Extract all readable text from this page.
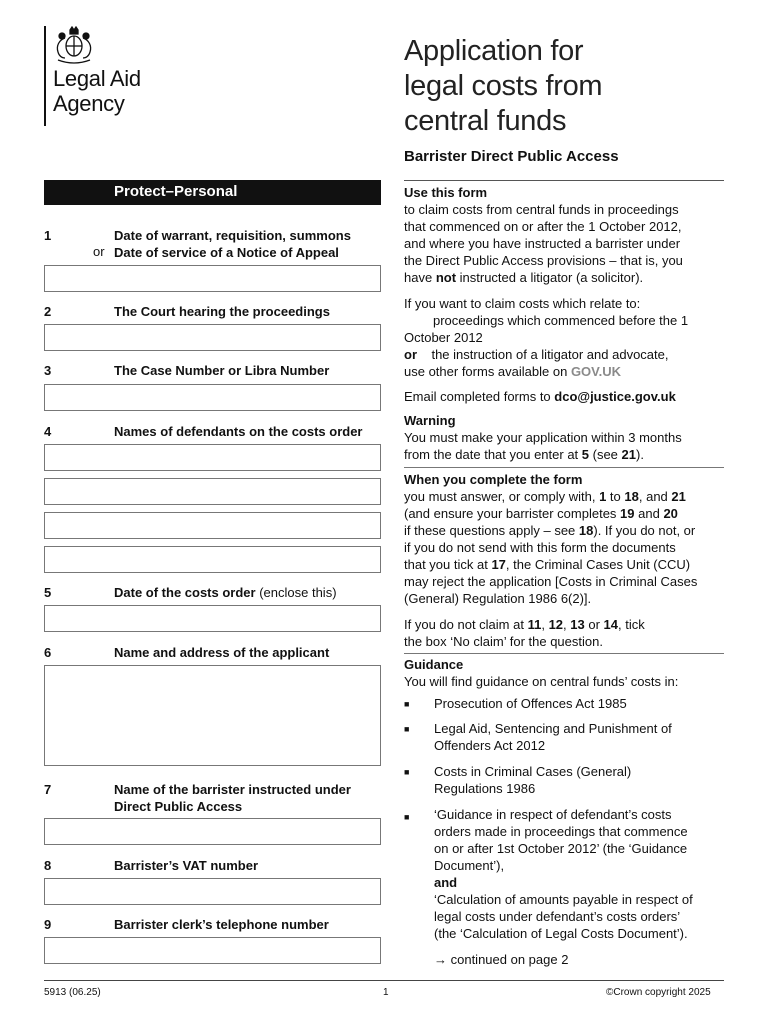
Legal Aid
Agency
Application for
legal costs from
central funds
Barrister Direct Public Access
Protect–Personal
1	Date of warrant, requisition, summons
or Date of service of a Notice of Appeal
2	The Court hearing the proceedings
3	The Case Number or Libra Number
4	Names of defendants on the costs order
5	Date of the costs order (enclose this)
6	Name and address of the applicant
7	Name of the barrister instructed under
Direct Public Access
8	Barrister’s VAT number
9	Barrister clerk’s telephone number
Use this form
to claim costs from central funds in proceedings
that commenced on or after the 1 October 2012,
and where you have instructed a barrister under
the Direct Public Access provisions – that is, you
have not instructed a litigator (a solicitor).
If you want to claim costs which relate to:
proceedings which commenced before the 1
October 2012
or the instruction of a litigator and advocate,
use other forms available on GOV.UK
Email completed forms to dco@justice.gov.uk
Warning
You must make your application within 3 months
from the date that you enter at 5 (see 21).
When you complete the form
you must answer, or comply with, 1 to 18, and 21
(and ensure your barrister completes 19 and 20
if these questions apply – see 18). If you do not, or
if you do not send with this form the documents
that you tick at 17, the Criminal Cases Unit (CCU)
may reject the application [Costs in Criminal Cases
(General) Regulation 1986 6(2)].
If you do not claim at 11, 12, 13 or 14, tick
the box ‘No claim’ for the question.
Guidance
You will find guidance on central funds’ costs in:
■ Prosecution of Offences Act 1985
■ Legal Aid, Sentencing and Punishment of
Offenders Act 2012
■ Costs in Criminal Cases (General)
Regulations 1986
■ ‘Guidance in respect of defendant’s costs
orders made in proceedings that commence
on or after 1st October 2012’ (the ‘Guidance
Document’),
and
‘Calculation of amounts payable in respect of
legal costs under defendant’s costs orders’
(the ‘Calculation of Legal Costs Document’).
→ continued on page 2
5913 (06.25)	1	©Crown copyright 2025
